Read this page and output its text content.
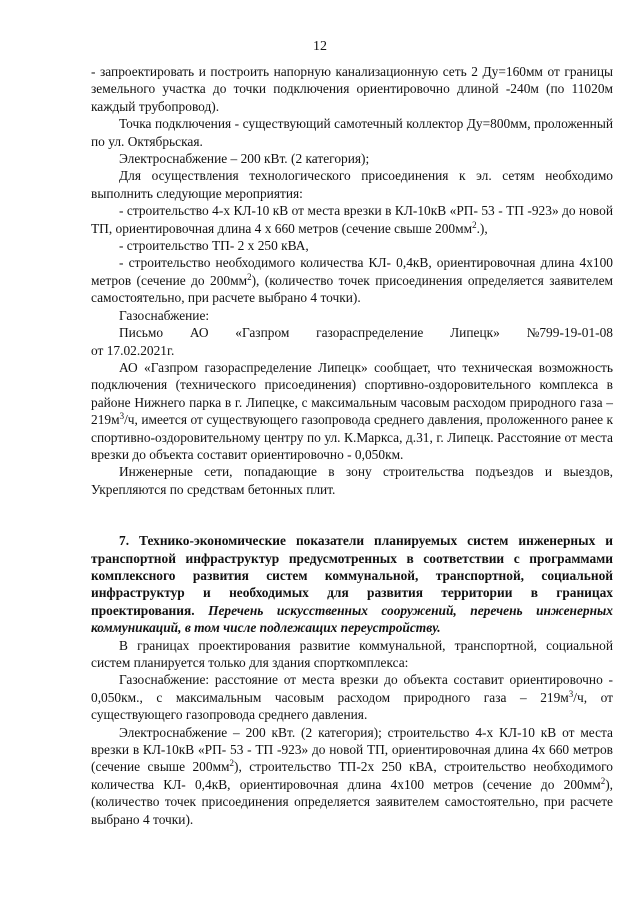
12

- запроектировать и построить напорную канализационную сеть 2 Ду=160мм от границы земельного участка до точки подключения ориентировочно длиной -240м (по 11020м каждый трубопровод).

Точка подключения - существующий самотечный коллектор Ду=800мм, проложенный по ул. Октябрьская.

Электроснабжение – 200 кВт. (2 категория);

Для осуществления технологического присоединения к эл. сетям необходимо выполнить следующие мероприятия:

- строительство 4-х КЛ-10 кВ от места врезки в КЛ-10кВ «РП- 53 - ТП -923» до новой ТП, ориентировочная длина 4 х 660 метров (сечение свыше $200мм^2$.),

- строительство ТП- 2 х 250 кВА,

- строительство необходимого количества КЛ- 0,4кВ, ориентировочная длина 4х100 метров (сечение до $200мм^2$), (количество точек присоединения определяется заявителем самостоятельно, при расчете выбрано 4 точки).

Газоснабжение:

Письмо АО «Газпром газораспределение Липецк» №799-19-01-08

от 17.02.2021г.

АО «Газпром газораспределение Липецк» сообщает, что техническая возможность подключения (технического присоединения) спортивно-оздоровительного комплекса в районе Нижнего парка в г. Липецке, с максимальным часовым расходом природного газа – $219м^3/ч$, имеется от существующего газопровода среднего давления, проложенного ранее к спортивно-оздоровительному центру по ул. К.Маркса, д.31, г. Липецк. Расстояние от места врезки до объекта составит ориентировочно - 0,050км.

Инженерные сети, попадающие в зону строительства подъездов и выездов, Укрепляются по средствам бетонных плит.

7. Технико-экономические показатели планируемых систем инженерных и транспортной инфраструктур предусмотренных в соответствии с программами комплексного развития систем коммунальной, транспортной, социальной инфраструктур и необходимых для развития территории в границах проектирования. Перечень искусственных сооружений, перечень инженерных коммуникаций, в том числе подлежащих переустройству.

В границах проектирования развитие коммунальной, транспортной, социальной систем планируется только для здания спорткомплекса:

Газоснабжение: расстояние от места врезки до объекта составит ориентировочно - 0,050км., с максимальным часовым расходом природного газа – $219м^3/ч$, от существующего газопровода среднего давления.

Электроснабжение – 200 кВт. (2 категория); строительство 4-х КЛ-10 кВ от места врезки в КЛ-10кВ «РП- 53 - ТП -923» до новой ТП, ориентировочная длина 4х 660 метров (сечение свыше $200мм^2$), строительство ТП-2х 250 кВА, строительство необходимого количества КЛ- 0,4кВ, ориентировочная длина 4х100 метров (сечение до $200мм^2$), (количество точек присоединения определяется заявителем самостоятельно, при расчете выбрано 4 точки).
